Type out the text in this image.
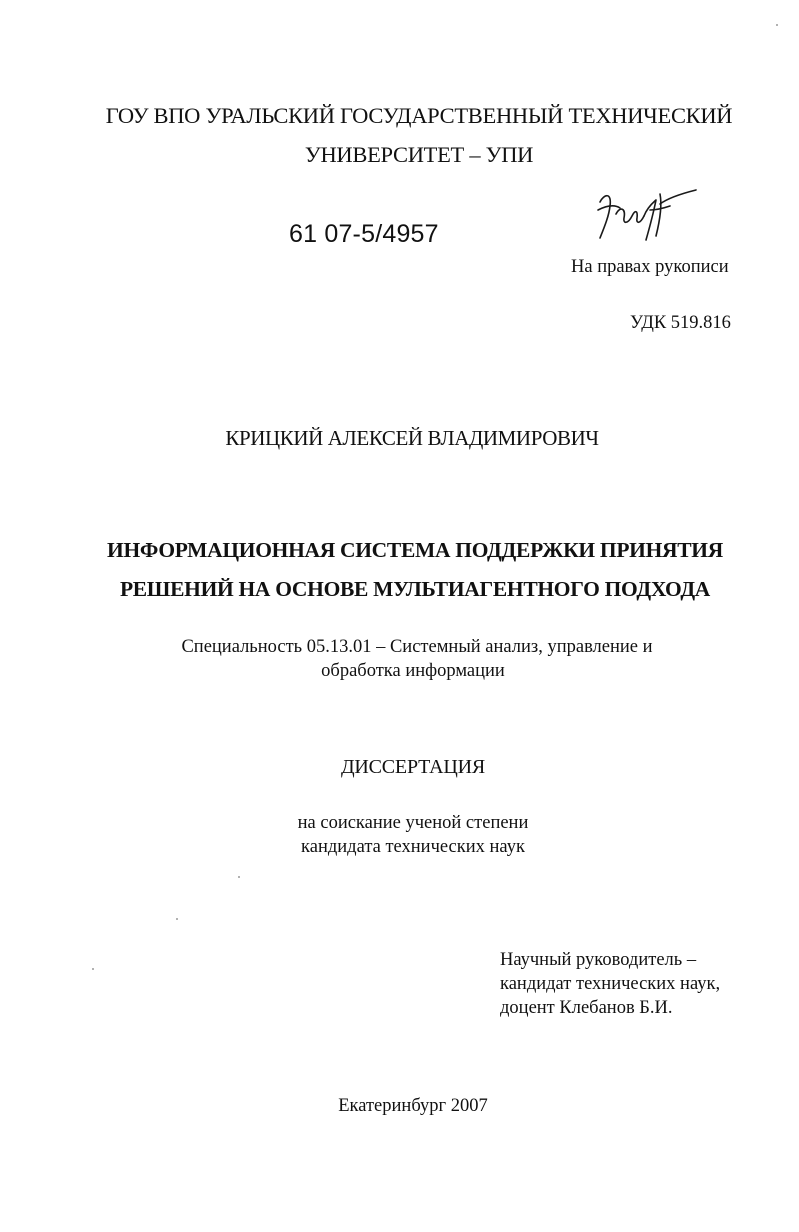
ГОУ ВПО УРАЛЬСКИЙ ГОСУДАРСТВЕННЫЙ ТЕХНИЧЕСКИЙ

УНИВЕРСИТЕТ – УПИ

61 07-5/4957

На правах рукописи

УДК 519.816

КРИЦКИЙ АЛЕКСЕЙ ВЛАДИМИРОВИЧ

ИНФОРМАЦИОННАЯ СИСТЕМА ПОДДЕРЖКИ ПРИНЯТИЯ

РЕШЕНИЙ НА ОСНОВЕ МУЛЬТИАГЕНТНОГО ПОДХОДА

Специальность 05.13.01 – Системный анализ, управление и

обработка информации

ДИССЕРТАЦИЯ

на соискание ученой степени

кандидата технических наук

Научный руководитель –
кандидат технических наук,
доцент Клебанов Б.И.

Екатеринбург 2007
